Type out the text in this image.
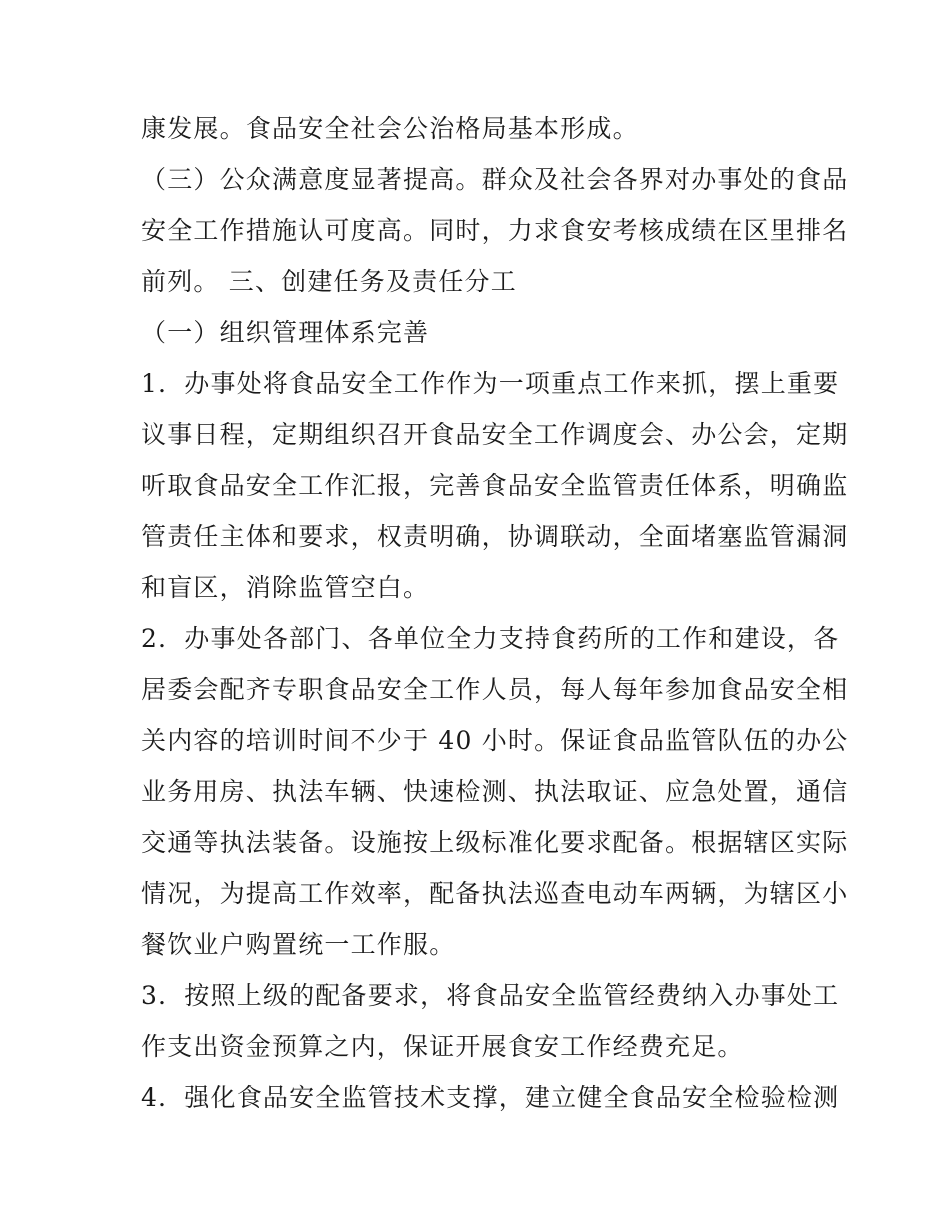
康发展。食品安全社会公治格局基本形成。
（三）公众满意度显著提高。群众及社会各界对办事处的食品
安全工作措施认可度高。同时，力求食安考核成绩在区里排名
前列。 三、创建任务及责任分工
（一）组织管理体系完善
1．办事处将食品安全工作作为一项重点工作来抓，摆上重要
议事日程，定期组织召开食品安全工作调度会、办公会，定期
听取食品安全工作汇报，完善食品安全监管责任体系，明确监
管责任主体和要求，权责明确，协调联动，全面堵塞监管漏洞
和盲区，消除监管空白。
2．办事处各部门、各单位全力支持食药所的工作和建设，各
居委会配齐专职食品安全工作人员，每人每年参加食品安全相
关内容的培训时间不少于 40 小时。保证食品监管队伍的办公
业务用房、执法车辆、快速检测、执法取证、应急处置，通信
交通等执法装备。设施按上级标准化要求配备。根据辖区实际
情况，为提高工作效率，配备执法巡查电动车两辆，为辖区小
餐饮业户购置统一工作服。
3．按照上级的配备要求，将食品安全监管经费纳入办事处工
作支出资金预算之内，保证开展食安工作经费充足。
4．强化食品安全监管技术支撑，建立健全食品安全检验检测
